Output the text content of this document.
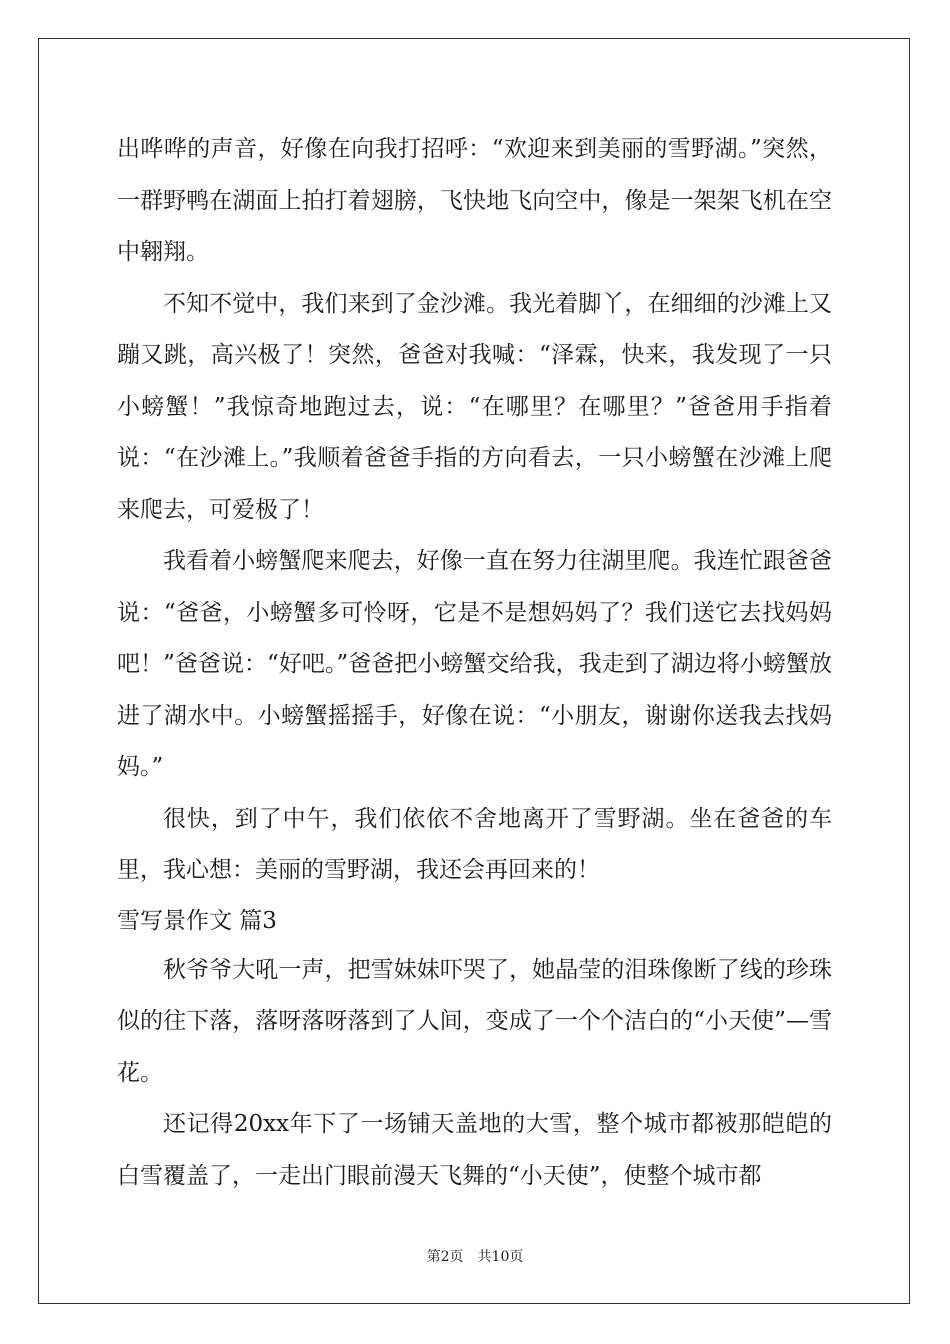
出哗哗的声音，好像在向我打招呼：“欢迎来到美丽的雪野湖。”突然，一群野鸭在湖面上拍打着翅膀，飞快地飞向空中，像是一架架飞机在空中翱翔。

不知不觉中，我们来到了金沙滩。我光着脚丫，在细细的沙滩上又蹦又跳，高兴极了！突然，爸爸对我喊：“泽霖，快来，我发现了一只小螃蟹！”我惊奇地跑过去，说：“在哪里？在哪里？”爸爸用手指着说：“在沙滩上。”我顺着爸爸手指的方向看去，一只小螃蟹在沙滩上爬来爬去，可爱极了！

我看着小螃蟹爬来爬去，好像一直在努力往湖里爬。我连忙跟爸爸说：“爸爸，小螃蟹多可怜呀，它是不是想妈妈了？我们送它去找妈妈吧！”爸爸说：“好吧。”爸爸把小螃蟹交给我，我走到了湖边将小螃蟹放进了湖水中。小螃蟹摇摇手，好像在说：“小朋友，谢谢你送我去找妈妈。”

很快，到了中午，我们依依不舍地离开了雪野湖。坐在爸爸的车里，我心想：美丽的雪野湖，我还会再回来的！

雪写景作文 篇3

秋爷爷大吼一声，把雪妹妹吓哭了，她晶莹的泪珠像断了线的珍珠似的往下落，落呀落呀落到了人间，变成了一个个洁白的“小天使”—雪花。

还记得20xx年下了一场铺天盖地的大雪，整个城市都被那皑皑的白雪覆盖了，一走出门眼前漫天飞舞的“小天使”，使整个城市都

第2页 共10页
